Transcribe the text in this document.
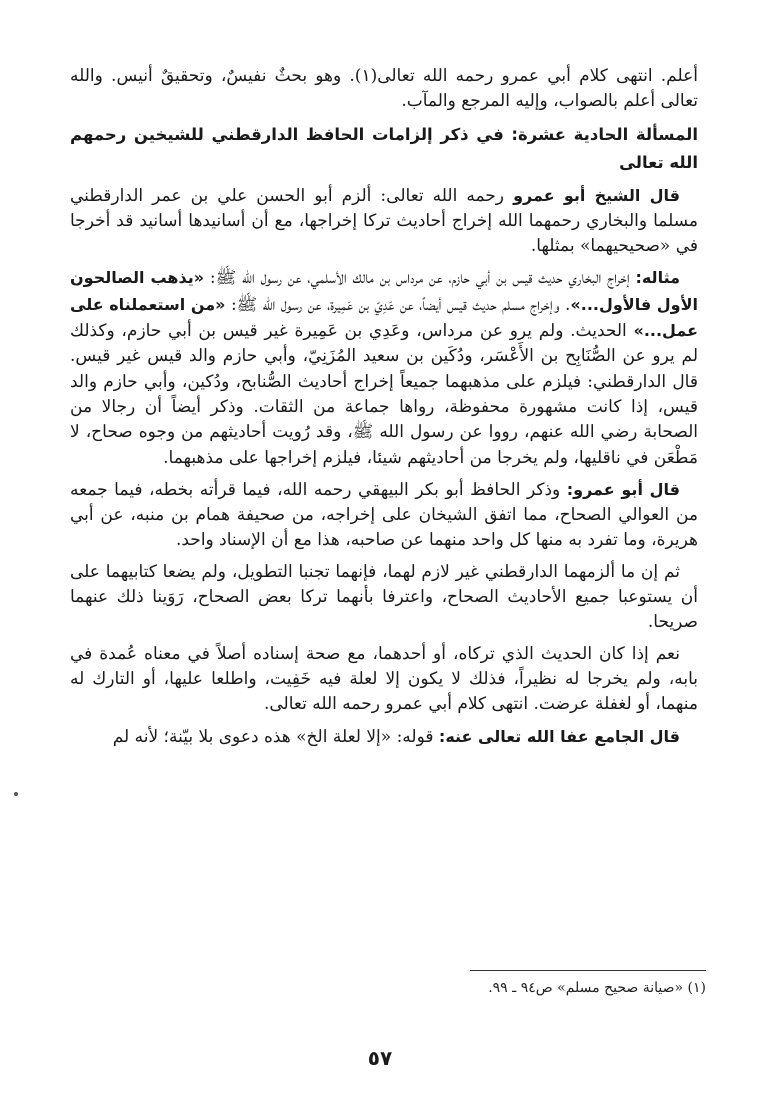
أعلم. انتهى كلام أبي عمرو رحمه الله تعالى(١). وهو بحثٌ نفيسٌ، وتحقيقٌ أنيس. والله تعالى أعلم بالصواب، وإليه المرجع والمآب.

المسألة الحادية عشرة: في ذكر إلزامات الحافظ الدارقطني للشيخين رحمهم الله تعالى

قال الشيخ أبو عمرو رحمه الله تعالى: ألزم أبو الحسن علي بن عمر الدارقطني مسلما والبخاري رحمهما الله إخراج أحاديث تركا إخراجها، مع أن أسانيدها أسانيد قد أخرجا في «صحيحيهما» بمثلها.

مثاله: إخراج البخاري حديث قيس بن أبي حازم، عن مرداس بن مالك الأسلمي، عن رسول الله ﷺ: «يذهب الصالحون الأول فالأول...». وإخراج مسلم حديث قيس أيضاً، عن عَدِيّ بن عَمِيرة، عن رسول الله ﷺ: «من استعملناه على عمل...» الحديث. ولم يرو عن مرداس، وعَدِي بن عَمِيرة غير قيس بن أبي حازم، وكذلك لم يرو عن الصُّنَابِح بن الأَعْسَر، ودُكَين بن سعيد المُزَنِيّ، وأبي حازم والد قيس غير قيس. قال الدارقطني: فيلزم على مذهبهما جميعاً إخراج أحاديث الصُّنابح، ودُكين، وأبي حازم والد قيس، إذا كانت مشهورة محفوظة، رواها جماعة من الثقات. وذكر أيضاً أن رجالا من الصحابة رضي الله عنهم، رووا عن رسول الله ﷺ، وقد رُويت أحاديثهم من وجوه صحاح، لا مَطْعَن في ناقليها، ولم يخرجا من أحاديثهم شيئا، فيلزم إخراجها على مذهبهما.

قال أبو عمرو: وذكر الحافظ أبو بكر البيهقي رحمه الله، فيما قرأته بخطه، فيما جمعه من العوالي الصحاح، مما اتفق الشيخان على إخراجه، من صحيفة همام بن منبه، عن أبي هريرة، وما تفرد به منها كل واحد منهما عن صاحبه، هذا مع أن الإسناد واحد.

ثم إن ما ألزمهما الدارقطني غير لازم لهما، فإنهما تجنبا التطويل، ولم يضعا كتابيهما على أن يستوعبا جميع الأحاديث الصحاح، واعترفا بأنهما تركا بعض الصحاح، رَوَينا ذلك عنهما صريحا.

نعم إذا كان الحديث الذي تركاه، أو أحدهما، مع صحة إسناده أصلاً في معناه عُمدة في بابه، ولم يخرجا له نظيراً، فذلك لا يكون إلا لعلة فيه خَفِيت، واطلعا عليها، أو التارك له منهما، أو لغفلة عرضت. انتهى كلام أبي عمرو رحمه الله تعالى.

قال الجامع عفا الله تعالى عنه: قوله: «إلا لعلة الخ» هذه دعوى بلا بيّنة؛ لأنه لم

(١) «صيانة صحيح مسلم» ص٩٤ ـ ٩٩.
٥٧
